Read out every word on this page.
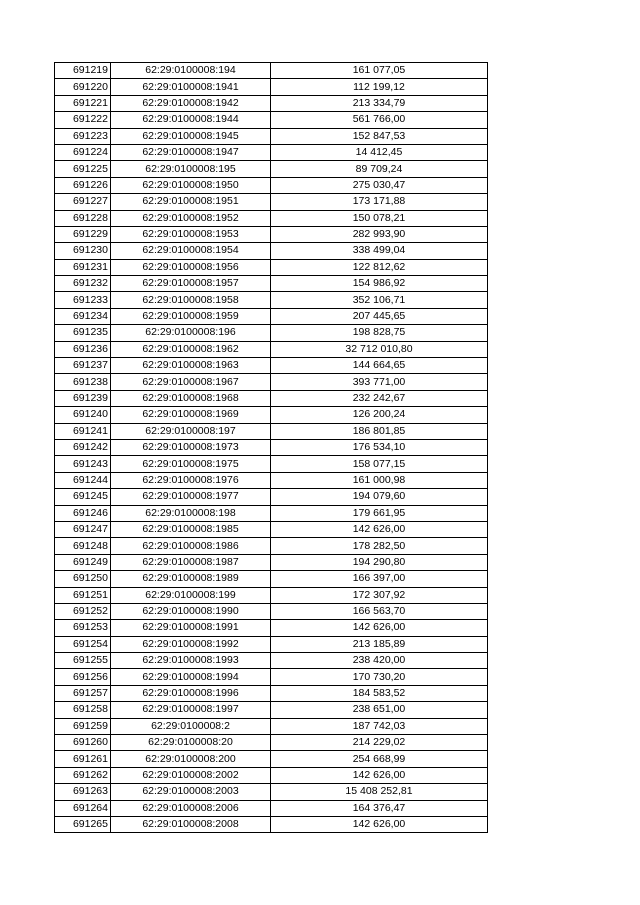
691219	62:29:0100008:194	161 077,05
691220	62:29:0100008:1941	112 199,12
691221	62:29:0100008:1942	213 334,79
691222	62:29:0100008:1944	561 766,00
691223	62:29:0100008:1945	152 847,53
691224	62:29:0100008:1947	14 412,45
691225	62:29:0100008:195	89 709,24
691226	62:29:0100008:1950	275 030,47
691227	62:29:0100008:1951	173 171,88
691228	62:29:0100008:1952	150 078,21
691229	62:29:0100008:1953	282 993,90
691230	62:29:0100008:1954	338 499,04
691231	62:29:0100008:1956	122 812,62
691232	62:29:0100008:1957	154 986,92
691233	62:29:0100008:1958	352 106,71
691234	62:29:0100008:1959	207 445,65
691235	62:29:0100008:196	198 828,75
691236	62:29:0100008:1962	32 712 010,80
691237	62:29:0100008:1963	144 664,65
691238	62:29:0100008:1967	393 771,00
691239	62:29:0100008:1968	232 242,67
691240	62:29:0100008:1969	126 200,24
691241	62:29:0100008:197	186 801,85
691242	62:29:0100008:1973	176 534,10
691243	62:29:0100008:1975	158 077,15
691244	62:29:0100008:1976	161 000,98
691245	62:29:0100008:1977	194 079,60
691246	62:29:0100008:198	179 661,95
691247	62:29:0100008:1985	142 626,00
691248	62:29:0100008:1986	178 282,50
691249	62:29:0100008:1987	194 290,80
691250	62:29:0100008:1989	166 397,00
691251	62:29:0100008:199	172 307,92
691252	62:29:0100008:1990	166 563,70
691253	62:29:0100008:1991	142 626,00
691254	62:29:0100008:1992	213 185,89
691255	62:29:0100008:1993	238 420,00
691256	62:29:0100008:1994	170 730,20
691257	62:29:0100008:1996	184 583,52
691258	62:29:0100008:1997	238 651,00
691259	62:29:0100008:2	187 742,03
691260	62:29:0100008:20	214 229,02
691261	62:29:0100008:200	254 668,99
691262	62:29:0100008:2002	142 626,00
691263	62:29:0100008:2003	15 408 252,81
691264	62:29:0100008:2006	164 376,47
691265	62:29:0100008:2008	142 626,00
